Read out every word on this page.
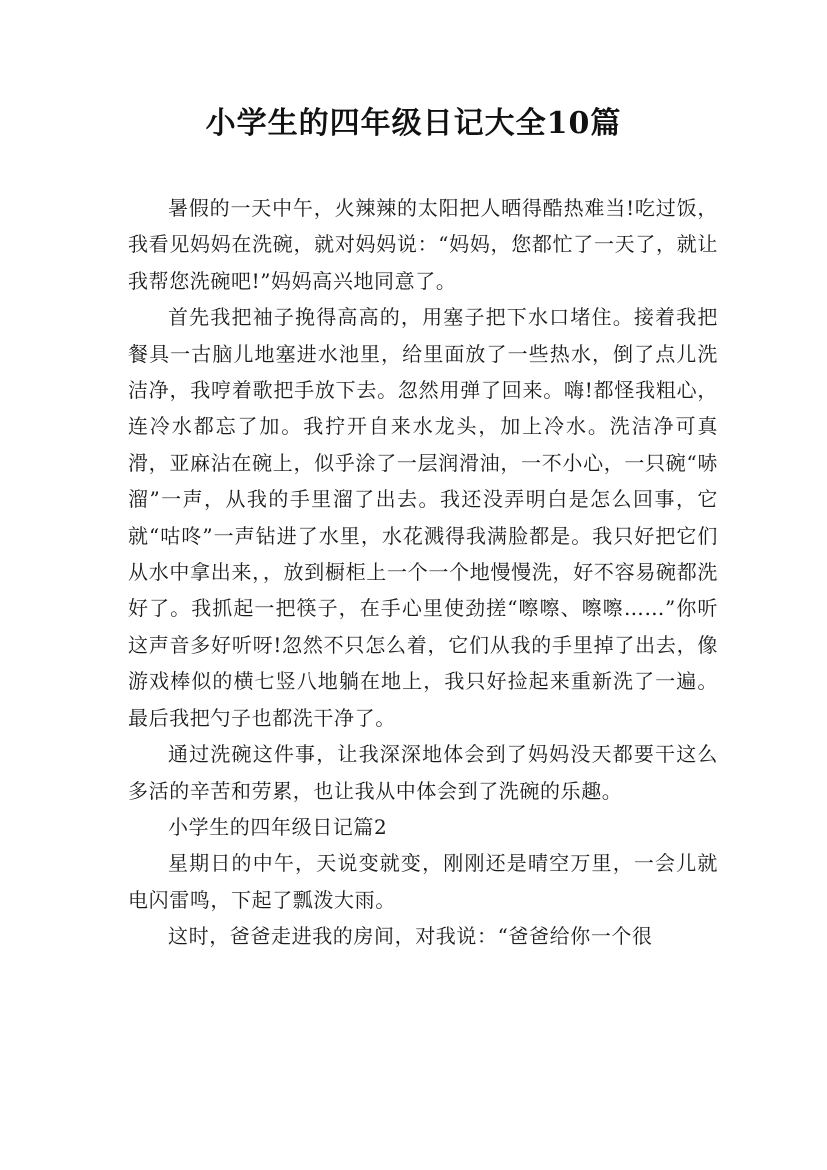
小学生的四年级日记大全10篇

暑假的一天中午，火辣辣的太阳把人晒得酷热难当!吃过饭，我看见妈妈在洗碗，就对妈妈说：“妈妈，您都忙了一天了，就让我帮您洗碗吧!”妈妈高兴地同意了。

首先我把袖子挽得高高的，用塞子把下水口堵住。接着我把餐具一古脑儿地塞进水池里，给里面放了一些热水，倒了点儿洗洁净，我哼着歌把手放下去。忽然用弹了回来。嗨!都怪我粗心，连冷水都忘了加。我拧开自来水龙头，加上冷水。洗洁净可真滑，亚麻沾在碗上，似乎涂了一层润滑油，一不小心，一只碗“哧溜”一声，从我的手里溜了出去。我还没弄明白是怎么回事，它就“咕咚”一声钻进了水里，水花溅得我满脸都是。我只好把它们从水中拿出来，，放到橱柜上一个一个地慢慢洗，好不容易碗都洗好了。我抓起一把筷子，在手心里使劲搓“嚓嚓、嚓嚓……”你听这声音多好听呀!忽然不只怎么着，它们从我的手里掉了出去，像游戏棒似的横七竖八地躺在地上，我只好捡起来重新洗了一遍。最后我把勺子也都洗干净了。

通过洗碗这件事，让我深深地体会到了妈妈没天都要干这么多活的辛苦和劳累，也让我从中体会到了洗碗的乐趣。

小学生的四年级日记篇2

星期日的中午，天说变就变，刚刚还是晴空万里，一会儿就电闪雷鸣，下起了瓢泼大雨。

这时，爸爸走进我的房间，对我说：“爸爸给你一个很
